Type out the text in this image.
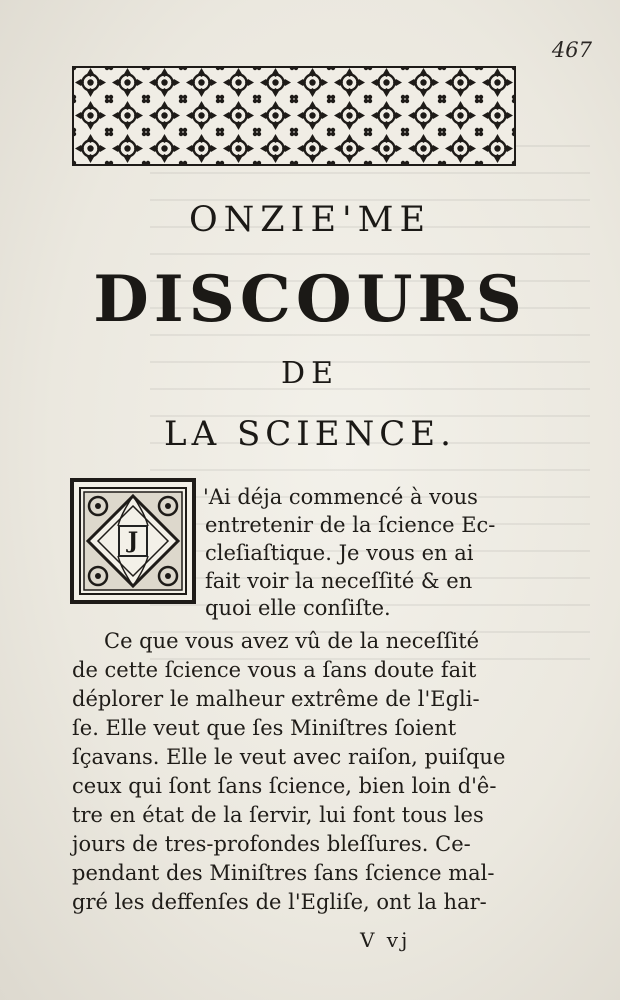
467
ONZIE'ME
DISCOURS
DE
LA SCIENCE.
J
'Ai déja commencé à vous
entretenir de la ſcience Ec-
cleſiaſtique. Je vous en ai
fait voir la neceſſité & en
quoi elle conſiſte.
Ce que vous avez vû de la neceſſité
de cette ſcience vous a ſans doute fait
déplorer le malheur extrême de l'Egli-
ſe. Elle veut que ſes Miniſtres ſoient
ſçavans. Elle le veut avec raiſon, puiſque
ceux qui ſont ſans ſcience, bien loin d'ê-
tre en état de la ſervir, lui font tous les
jours de tres-profondes bleſſures. Ce-
pendant des Miniſtres ſans ſcience mal-
gré les deffenſes de l'Egliſe, ont la har-
V vj
